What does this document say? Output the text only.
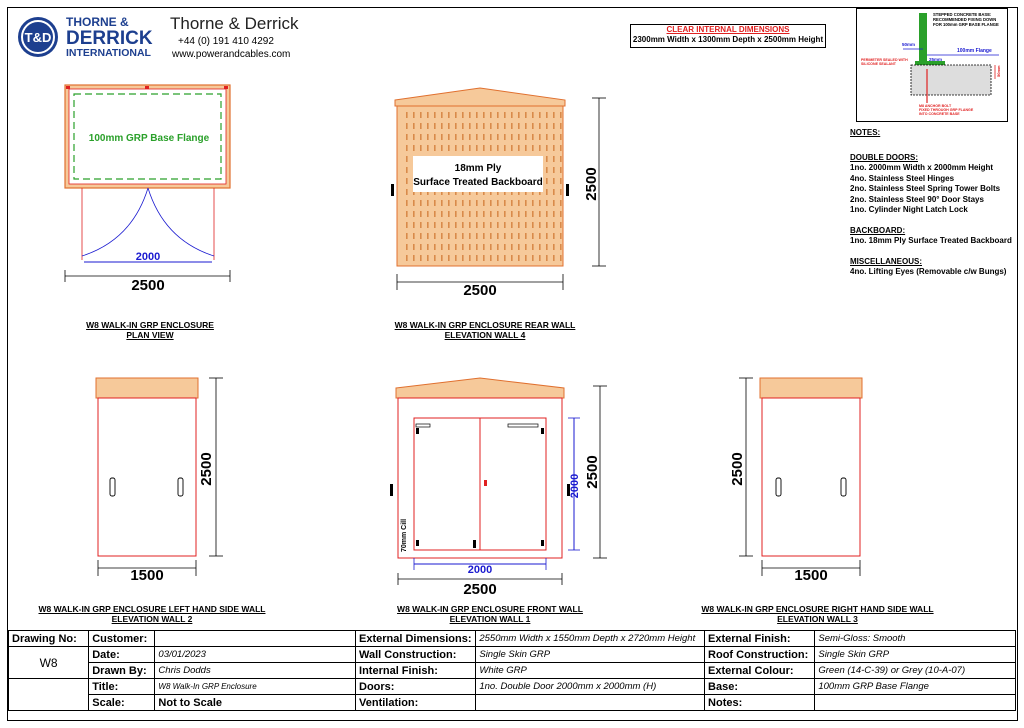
T&D
THORNE &
DERRICK
INTERNATIONAL
Thorne & Derrick
+44 (0) 191 410 4292
www.powerandcables.com
CLEAR INTERNAL DIMENSIONS
2300mm Width x 1300mm Depth x 2500mm Height
STEPPED CONCRETE BASE:
RECOMMENDED FIXING DOWN
FOR 100mm GRP BASE FLANGE
50mm
100mm Flange
PERIMETER SEALED WITH
SILICONE SEALANT
25mm
50mm
M8 ANCHOR BOLT
FIXED THROUGH GRP FLANGE
INTO CONCRETE BASE
NOTES:
DOUBLE DOORS:
1no. 2000mm Width x 2000mm Height
4no. Stainless Steel Hinges
2no. Stainless Steel Spring Tower Bolts
2no. Stainless Steel 90° Door Stays
1no. Cylinder Night Latch Lock
BACKBOARD:
1no. 18mm Ply Surface Treated Backboard
MISCELLANEOUS:
4no. Lifting Eyes (Removable c/w Bungs)
100mm GRP Base Flange
2000
2500
W8 WALK-IN GRP ENCLOSURE
PLAN VIEW
18mm Ply
Surface Treated Backboard
2500
2500
W8 WALK-IN GRP ENCLOSURE REAR WALL
ELEVATION WALL 4
1500
2500
W8 WALK-IN GRP ENCLOSURE LEFT HAND SIDE WALL
ELEVATION WALL 2
70mm Cill
2000
2000 2500
2500
W8 WALK-IN GRP ENCLOSURE FRONT WALL
ELEVATION WALL 1
1500
2500
W8 WALK-IN GRP ENCLOSURE RIGHT HAND SIDE WALL
ELEVATION WALL 3
Drawing No:	Customer:		External Dimensions:	2550mm Width x 1550mm Depth x 2720mm Height	External Finish:	Semi-Gloss: Smooth
W8	Date:	03/01/2023	Wall Construction:	Single Skin GRP	Roof Construction:	Single Skin GRP
	Drawn By:	Chris Dodds	Internal Finish:	White GRP	External Colour:	Green (14-C-39) or Grey (10-A-07)
	Title:	W8 Walk-In GRP Enclosure	Doors:	1no. Double Door 2000mm x 2000mm (H)	Base:	100mm GRP Base Flange
	Scale:	Not to Scale	Ventilation:		Notes:	
